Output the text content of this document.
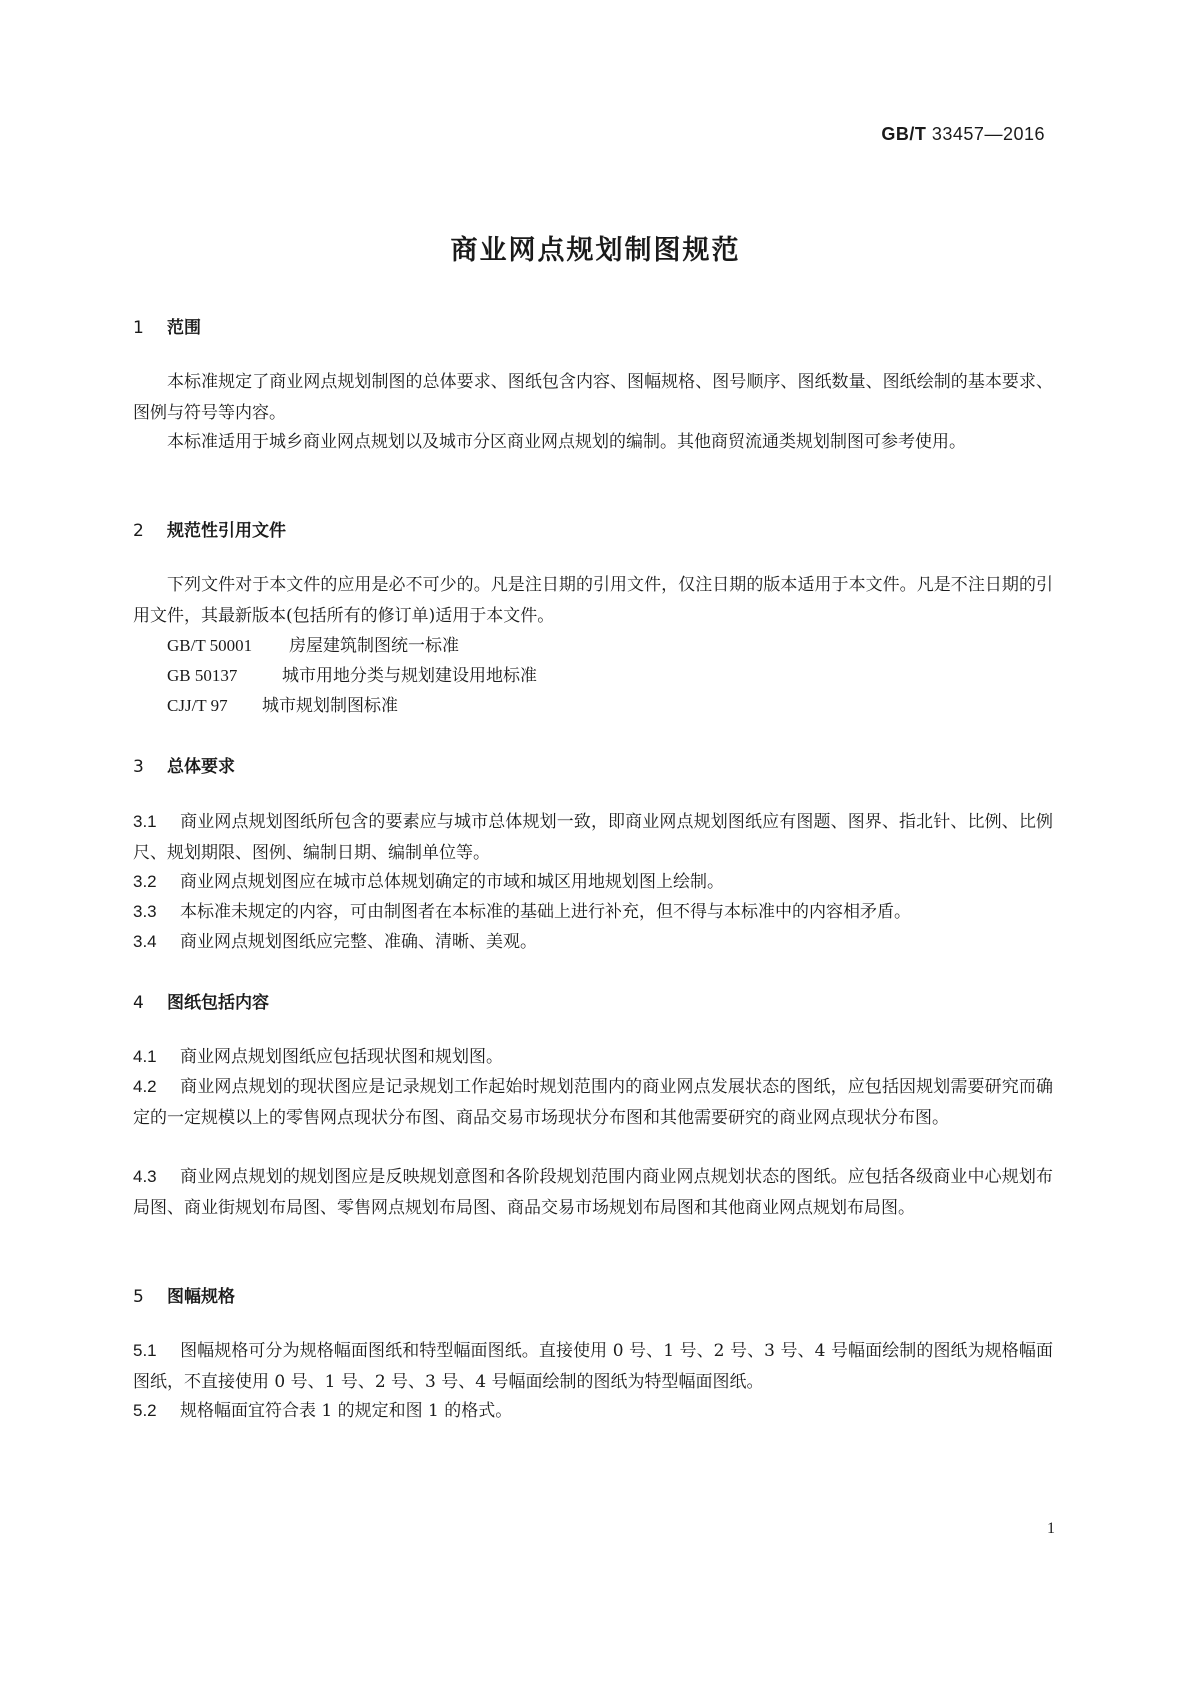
GB/T 33457—2016
商业网点规划制图规范
1 范围
本标准规定了商业网点规划制图的总体要求、图纸包含内容、图幅规格、图号顺序、图纸数量、图纸绘制的基本要求、图例与符号等内容。
本标准适用于城乡商业网点规划以及城市分区商业网点规划的编制。其他商贸流通类规划制图可参考使用。
2 规范性引用文件
下列文件对于本文件的应用是必不可少的。凡是注日期的引用文件，仅注日期的版本适用于本文件。凡是不注日期的引用文件，其最新版本(包括所有的修订单)适用于本文件。
GB/T 50001 房屋建筑制图统一标准
GB 50137	城市用地分类与规划建设用地标准
CJJ/T 97 城市规划制图标准
3 总体要求
3.1 商业网点规划图纸所包含的要素应与城市总体规划一致，即商业网点规划图纸应有图题、图界、指北针、比例、比例尺、规划期限、图例、编制日期、编制单位等。
3.2 商业网点规划图应在城市总体规划确定的市域和城区用地规划图上绘制。
3.3 本标准未规定的内容，可由制图者在本标准的基础上进行补充，但不得与本标准中的内容相矛盾。
3.4 商业网点规划图纸应完整、准确、清晰、美观。
4 图纸包括内容
4.1 商业网点规划图纸应包括现状图和规划图。
4.2 商业网点规划的现状图应是记录规划工作起始时规划范围内的商业网点发展状态的图纸，应包括因规划需要研究而确定的一定规模以上的零售网点现状分布图、商品交易市场现状分布图和其他需要研究的商业网点现状分布图。
4.3 商业网点规划的规划图应是反映规划意图和各阶段规划范围内商业网点规划状态的图纸。应包括各级商业中心规划布局图、商业街规划布局图、零售网点规划布局图、商品交易市场规划布局图和其他商业网点规划布局图。
5 图幅规格
5.1 图幅规格可分为规格幅面图纸和特型幅面图纸。直接使用 0 号、1 号、2 号、3 号、4 号幅面绘制的图纸为规格幅面图纸，不直接使用 0 号、1 号、2 号、3 号、4 号幅面绘制的图纸为特型幅面图纸。
5.2 规格幅面宜符合表 1 的规定和图 1 的格式。
1
